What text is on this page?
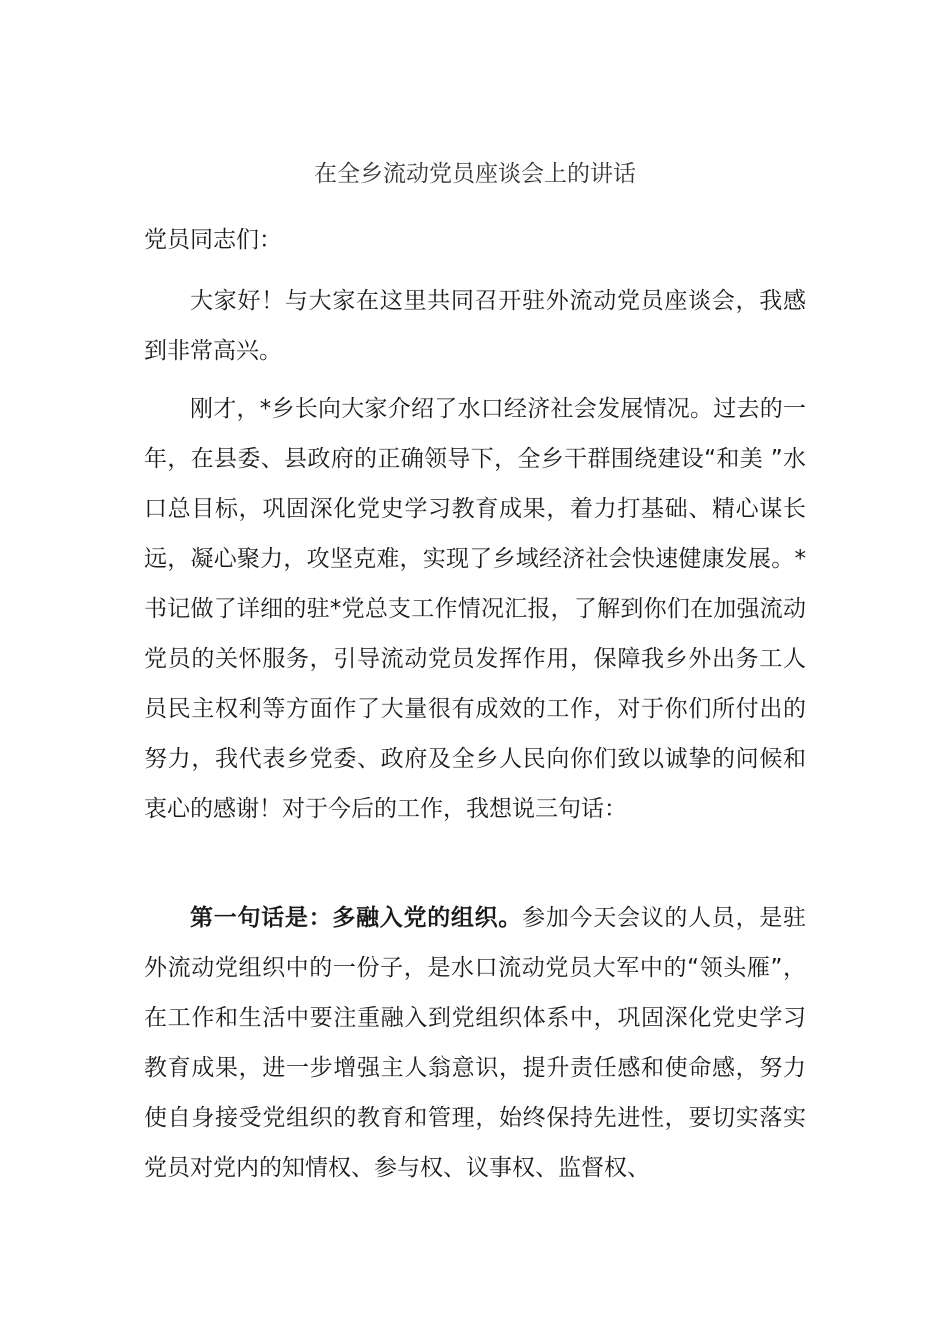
在全乡流动党员座谈会上的讲话

党员同志们：

大家好！与大家在这里共同召开驻外流动党员座谈会，我感到非常高兴。

刚才，*乡长向大家介绍了水口经济社会发展情况。过去的一年，在县委、县政府的正确领导下，全乡干群围绕建设“和美 ”水口总目标，巩固深化党史学习教育成果，着力打基础、精心谋长远，凝心聚力，攻坚克难，实现了乡域经济社会快速健康发展。*书记做了详细的驻*党总支工作情况汇报，了解到你们在加强流动党员的关怀服务，引导流动党员发挥作用，保障我乡外出务工人员民主权利等方面作了大量很有成效的工作，对于你们所付出的努力，我代表乡党委、政府及全乡人民向你们致以诚挚的问候和衷心的感谢！对于今后的工作，我想说三句话：

第一句话是：多融入党的组织。参加今天会议的人员，是驻外流动党组织中的一份子，是水口流动党员大军中的“领头雁”，在工作和生活中要注重融入到党组织体系中，巩固深化党史学习教育成果，进一步增强主人翁意识，提升责任感和使命感，努力使自身接受党组织的教育和管理，始终保持先进性，要切实落实党员对党内的知情权、参与权、议事权、监督权、
